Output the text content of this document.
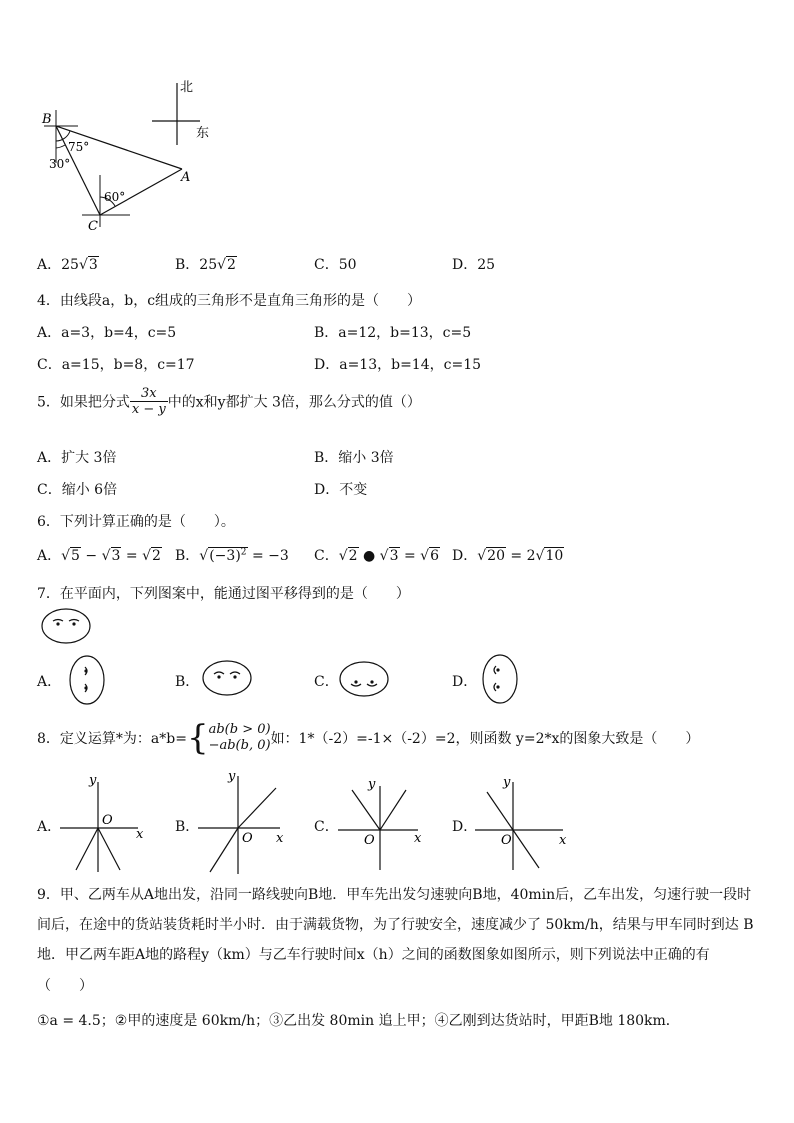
北
东
B
A
C
75°
30°
60°
A．25√3	B．25√2	C．50	D．25
4．由线段a，b，c组成的三角形不是直角三角形的是（　　）
A．a=3，b=4，c=5	B．a=12，b=13，c=5
C．a=15，b=8，c=17	D．a=13，b=14，c=15
5．如果把分式 $\frac{3x}{x - y}$ 中的x和y都扩大 3倍，那么分式的值（）
A．扩大 3倍	B．缩小 3倍
C．缩小 6倍	D．不变
6．下列计算正确的是（　　）。
A．√5 − √3 = √2 B．$√(-3)^2 = -3$ C．√2 ● √3 = √6 D．√20 = 2√10
7．在平面内，下列图案中，能通过图平移得到的是（　　）
A．	B．	C．	D．
8．定义运算*为：a*b={ ab(b > 0)
−ab(b, 0) 如：1*（-2）=-1×（-2）=2，则函数 y=2*x的图象大致是（　　）
A．
y
x
O	B．
y
x
O
C．
y
x
O
D．
y
x
O
9．甲、乙两车从A地出发，沿同一路线驶向B地．甲车先出发匀速驶向B地，40min后，乙车出发，匀速行驶一段时
间后，在途中的货站装货耗时半小时．由于满载货物，为了行驶安全，速度减少了 50km/h，结果与甲车同时到达 B
地．甲乙两车距A地的路程y（km）与乙车行驶时间x（h）之间的函数图象如图所示，则下列说法中正确的有
（　　）
①a = 4.5；②甲的速度是 60km/h；③乙出发 80min 追上甲；④乙刚到达货站时，甲距B地 180km．
